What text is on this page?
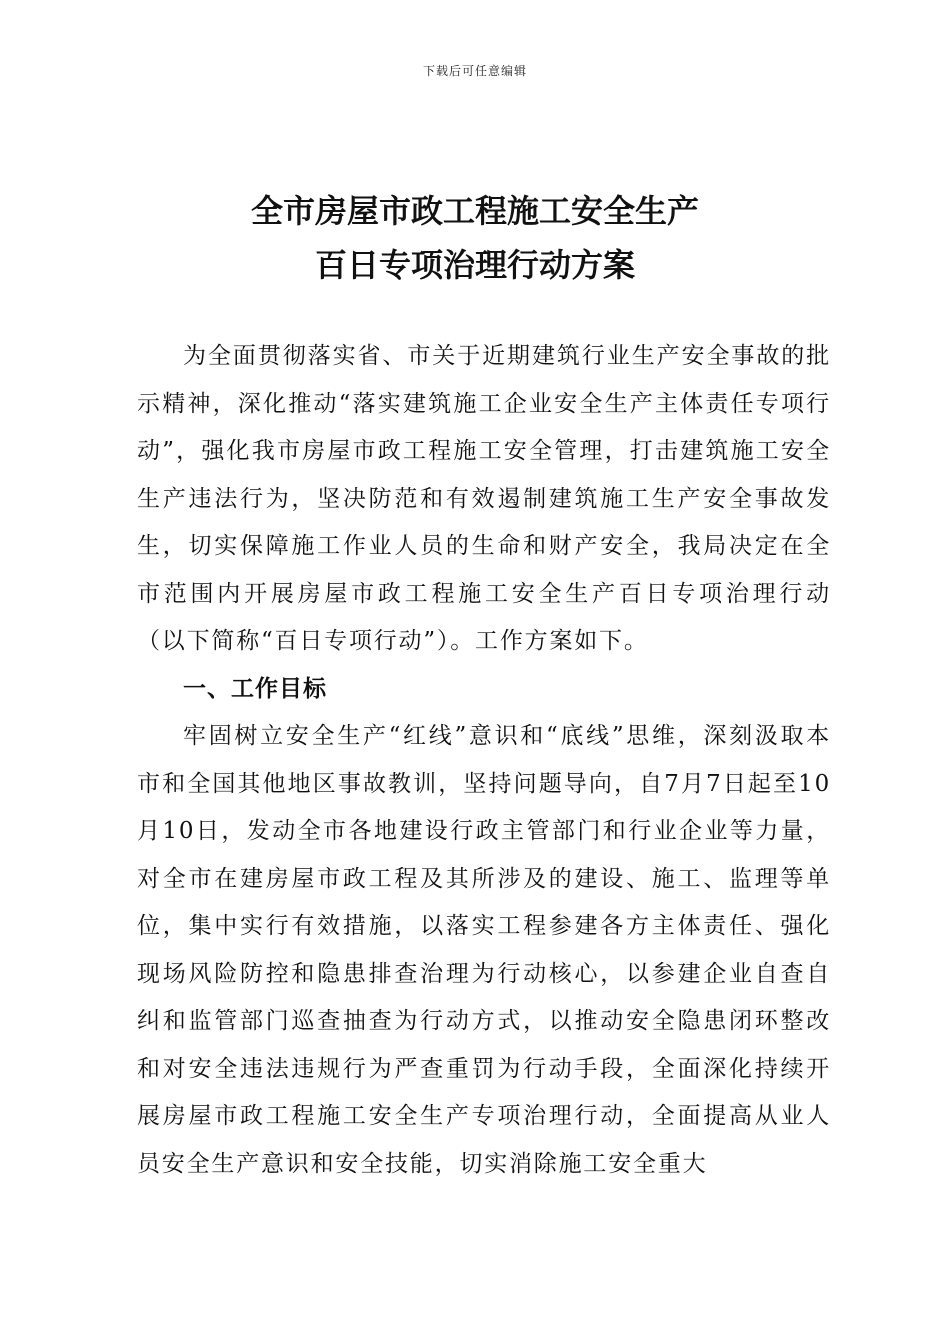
下载后可任意编辑
全市房屋市政工程施工安全生产
百日专项治理行动方案

为全面贯彻落实省、市关于近期建筑行业生产安全事故的批示精神，深化推动“落实建筑施工企业安全生产主体责任专项行动”，强化我市房屋市政工程施工安全管理，打击建筑施工安全生产违法行为，坚决防范和有效遏制建筑施工生产安全事故发生，切实保障施工作业人员的生命和财产安全，我局决定在全市范围内开展房屋市政工程施工安全生产百日专项治理行动（以下简称“百日专项行动”）。工作方案如下。

一、工作目标

牢固树立安全生产“红线”意识和“底线”思维，深刻汲取本市和全国其他地区事故教训，坚持问题导向，自7月7日起至10月10日，发动全市各地建设行政主管部门和行业企业等力量，对全市在建房屋市政工程及其所涉及的建设、施工、监理等单位，集中实行有效措施，以落实工程参建各方主体责任、强化现场风险防控和隐患排查治理为行动核心，以参建企业自查自纠和监管部门巡查抽查为行动方式，以推动安全隐患闭环整改和对安全违法违规行为严查重罚为行动手段，全面深化持续开展房屋市政工程施工安全生产专项治理行动，全面提高从业人员安全生产意识和安全技能，切实消除施工安全重大
